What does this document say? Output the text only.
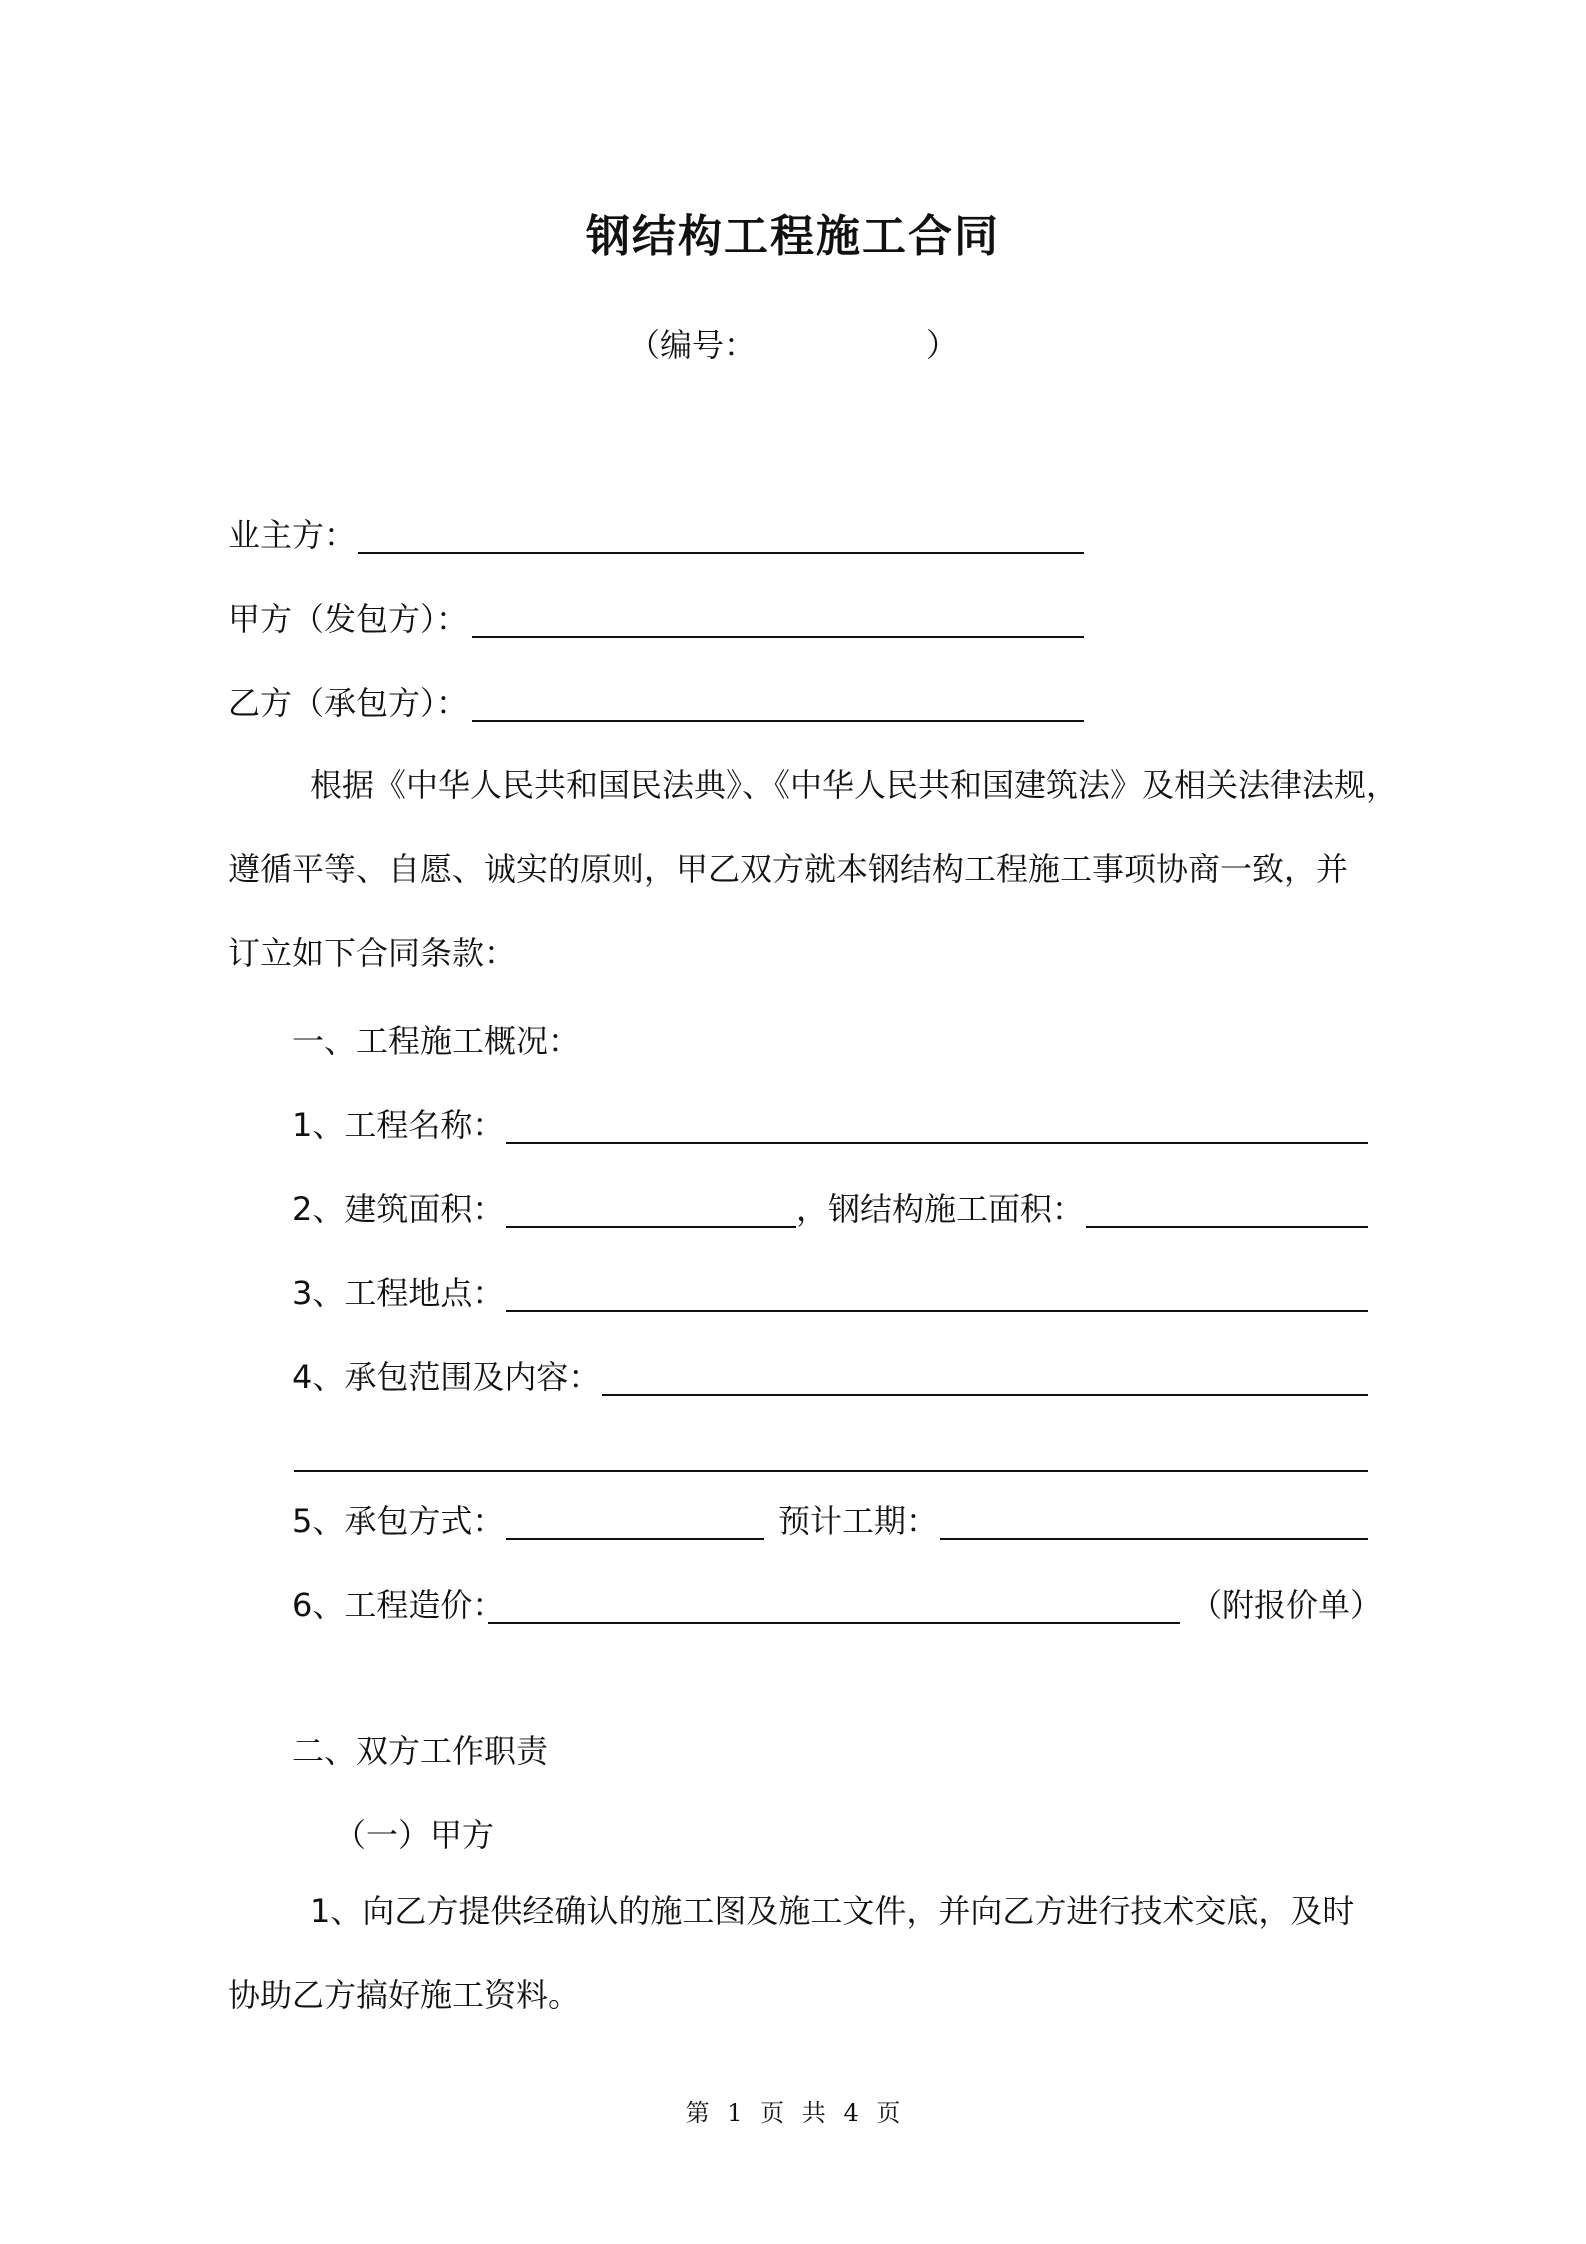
钢结构工程施工合同
（编号：	）
业主方：
甲方（发包方）：
乙方（承包方）：
根据《中华人民共和国民法典》、《中华人民共和国建筑法》及相关法律法规，
遵循平等、自愿、诚实的原则，甲乙双方就本钢结构工程施工事项协商一致，并
订立如下合同条款：
一、工程施工概况：
1、工程名称：
2、建筑面积：	，钢结构施工面积：
3、工程地点：
4、承包范围及内容：
5、承包方式：	预计工期：
6、工程造价：	（附报价单）
二、双方工作职责
（一）甲方
1、向乙方提供经确认的施工图及施工文件，并向乙方进行技术交底，及时
协助乙方搞好施工资料。
第 1 页 共 4 页
